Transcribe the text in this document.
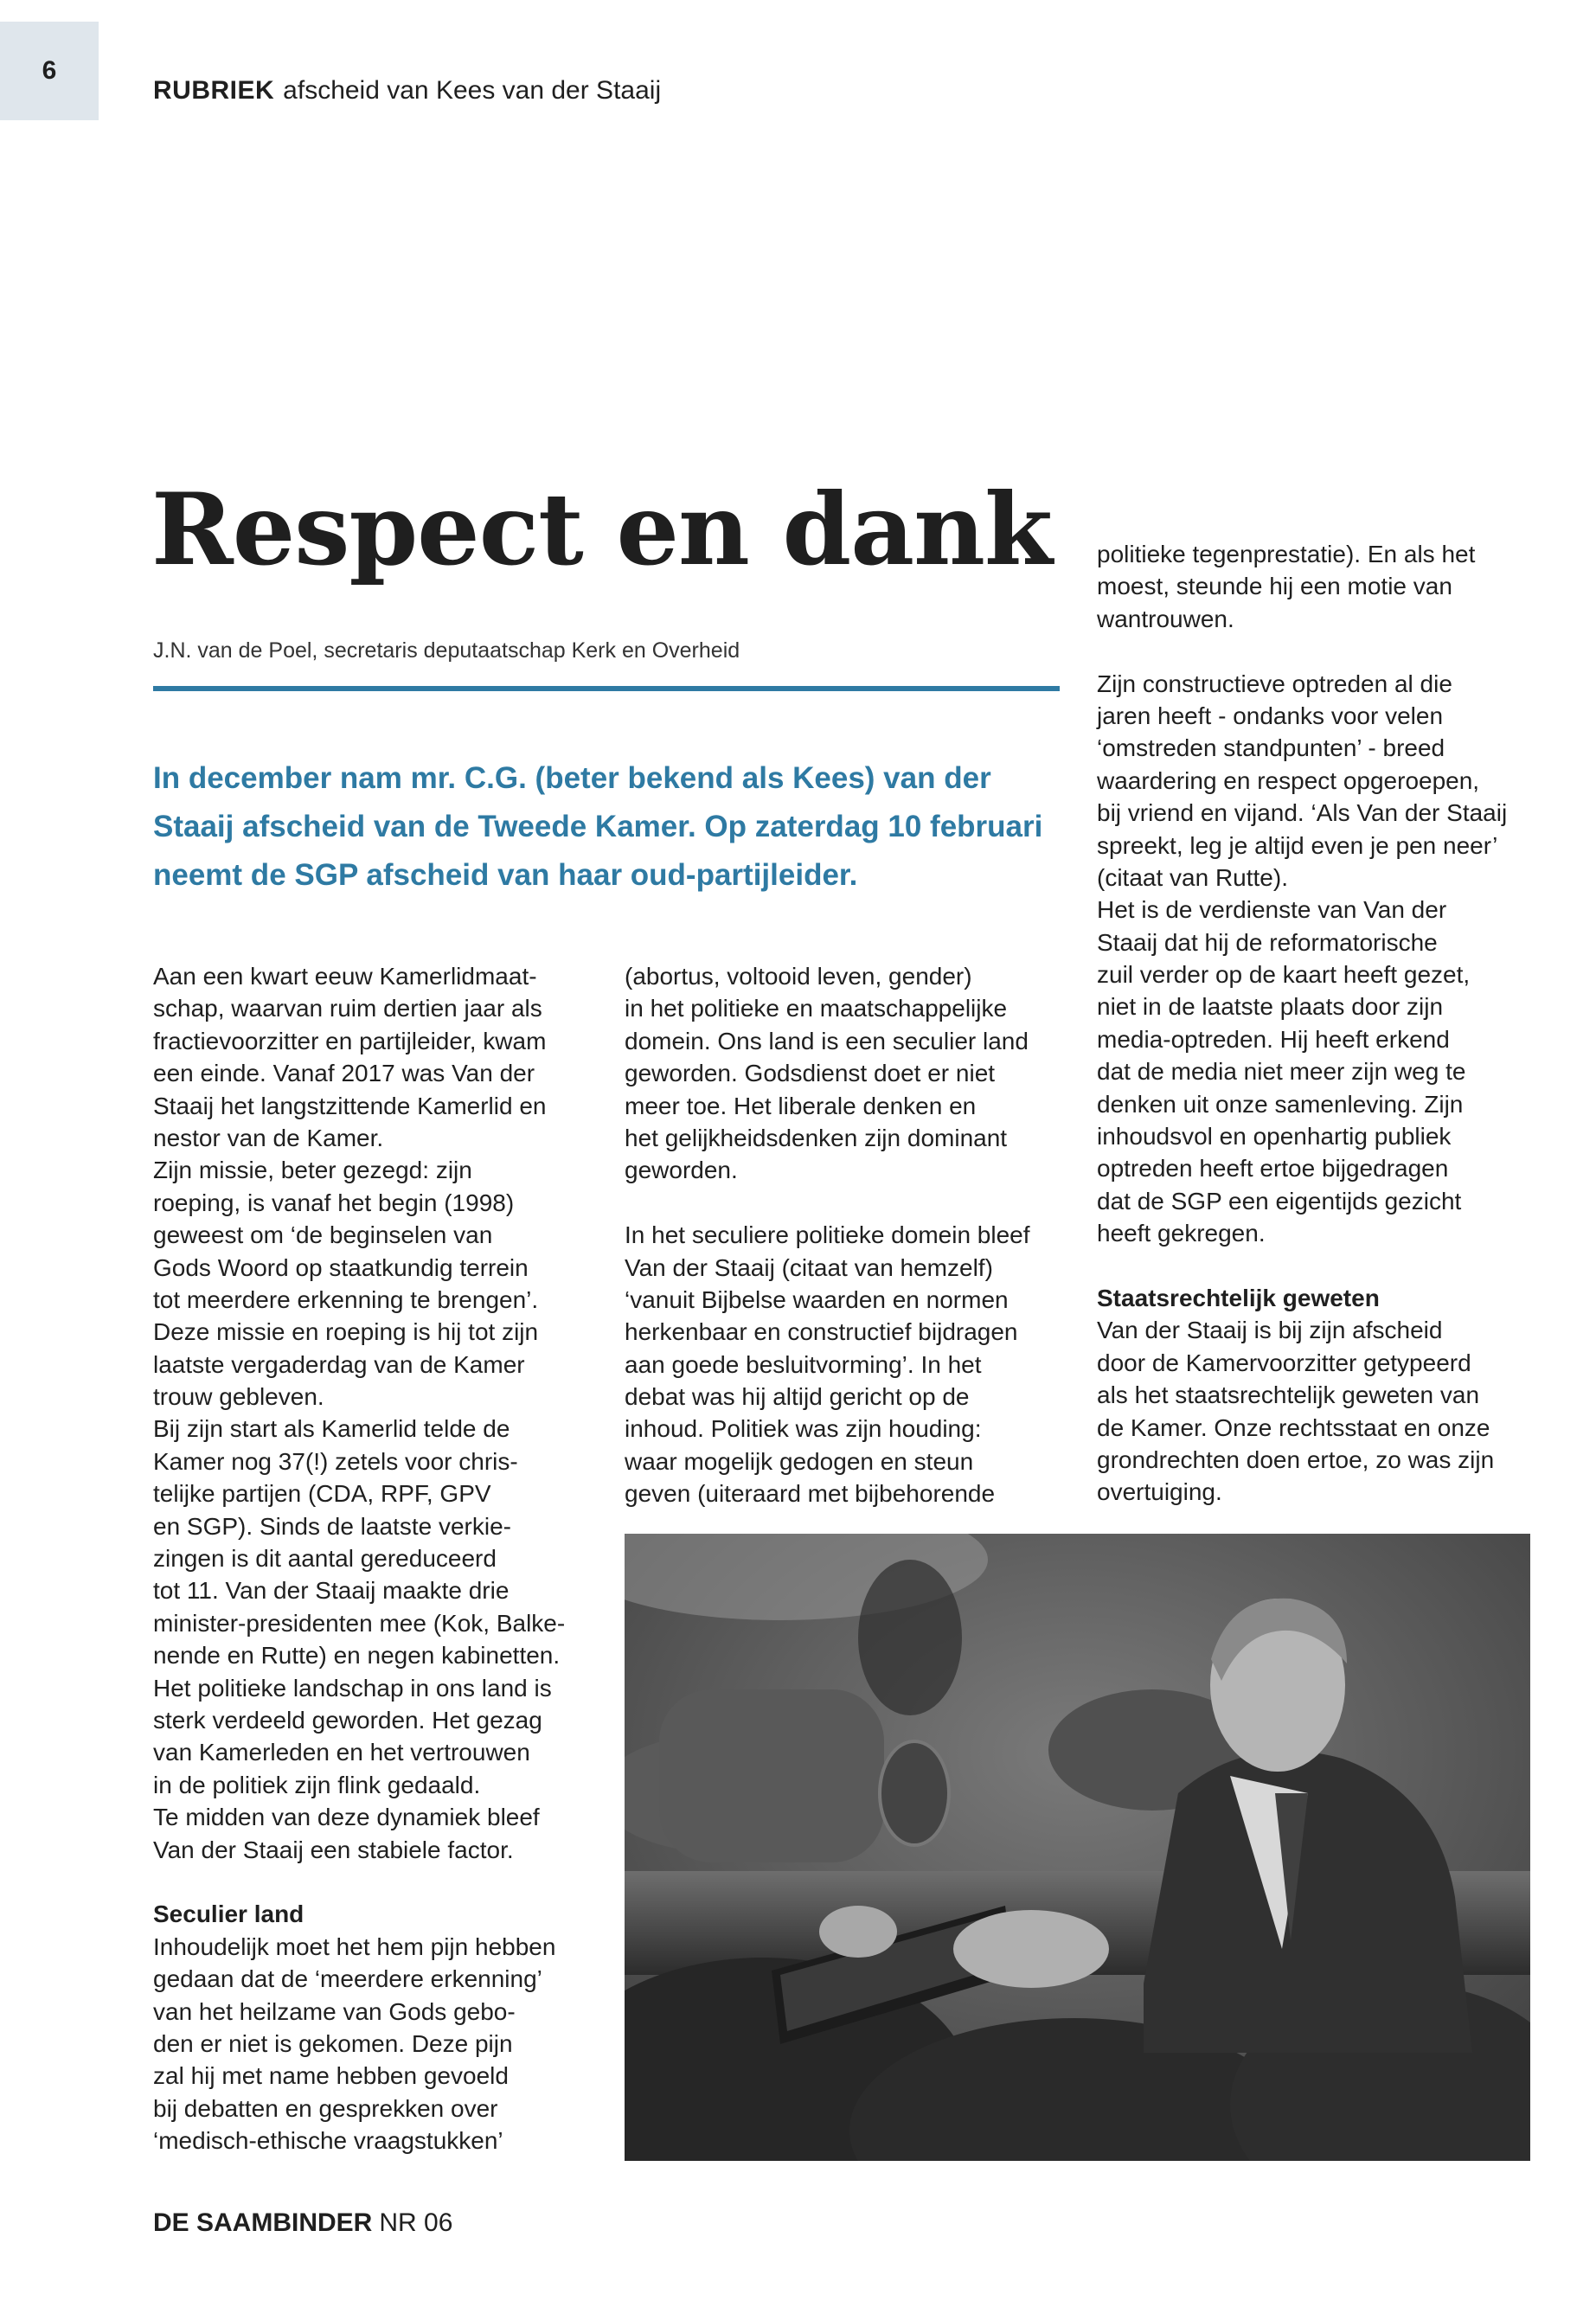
6
RUBRIEK afscheid van Kees van der Staaij
Respect en dank
J.N. van de Poel, secretaris deputaatschap Kerk en Overheid

In december nam mr. C.G. (beter bekend als Kees) van der Staaij afscheid van de Tweede Kamer. Op zaterdag 10 februari neemt de SGP afscheid van haar oud-partijleider.

Aan een kwart eeuw Kamerlidmaat-
schap, waarvan ruim dertien jaar als
fractievoorzitter en partijleider, kwam
een einde. Vanaf 2017 was Van der
Staaij het langstzittende Kamerlid en
nestor van de Kamer.
Zijn missie, beter gezegd: zijn
roeping, is vanaf het begin (1998)
geweest om ‘de beginselen van
Gods Woord op staatkundig terrein
tot meerdere erkenning te brengen’.
Deze missie en roeping is hij tot zijn
laatste vergaderdag van de Kamer
trouw gebleven.
Bij zijn start als Kamerlid telde de
Kamer nog 37(!) zetels voor chris-
telijke partijen (CDA, RPF, GPV
en SGP). Sinds de laatste verkie-
zingen is dit aantal gereduceerd
tot 11. Van der Staaij maakte drie
minister-presidenten mee (Kok, Balke-
nende en Rutte) en negen kabinetten.
Het politieke landschap in ons land is
sterk verdeeld geworden. Het gezag
van Kamerleden en het vertrouwen
in de politiek zijn flink gedaald.
Te midden van deze dynamiek bleef
Van der Staaij een stabiele factor.
Seculier land
Inhoudelijk moet het hem pijn hebben
gedaan dat de ‘meerdere erkenning’
van het heilzame van Gods gebo-
den er niet is gekomen. Deze pijn
zal hij met name hebben gevoeld
bij debatten en gesprekken over
‘medisch-ethische vraagstukken’
(abortus, voltooid leven, gender)
in het politieke en maatschappelijke
domein. Ons land is een seculier land
geworden. Godsdienst doet er niet
meer toe. Het liberale denken en
het gelijkheidsdenken zijn dominant
geworden.
In het seculiere politieke domein bleef
Van der Staaij (citaat van hemzelf)
‘vanuit Bijbelse waarden en normen
herkenbaar en constructief bijdragen
aan goede besluitvorming’. In het
debat was hij altijd gericht op de
inhoud. Politiek was zijn houding:
waar mogelijk gedogen en steun
geven (uiteraard met bijbehorende
politieke tegenprestatie). En als het
moest, steunde hij een motie van
wantrouwen.
Zijn constructieve optreden al die
jaren heeft - ondanks voor velen
‘omstreden standpunten’ - breed
waardering en respect opgeroepen,
bij vriend en vijand. ‘Als Van der Staaij
spreekt, leg je altijd even je pen neer’
(citaat van Rutte).
Het is de verdienste van Van der
Staaij dat hij de reformatorische
zuil verder op de kaart heeft gezet,
niet in de laatste plaats door zijn
media-optreden. Hij heeft erkend
dat de media niet meer zijn weg te
denken uit onze samenleving. Zijn
inhoudsvol en openhartig publiek
optreden heeft ertoe bijgedragen
dat de SGP een eigentijds gezicht
heeft gekregen.
Staatsrechtelijk geweten
Van der Staaij is bij zijn afscheid
door de Kamervoorzitter getypeerd
als het staatsrechtelijk geweten van
de Kamer. Onze rechtsstaat en onze
grondrechten doen ertoe, zo was zijn
overtuiging.
DE SAAMBINDER NR 06
